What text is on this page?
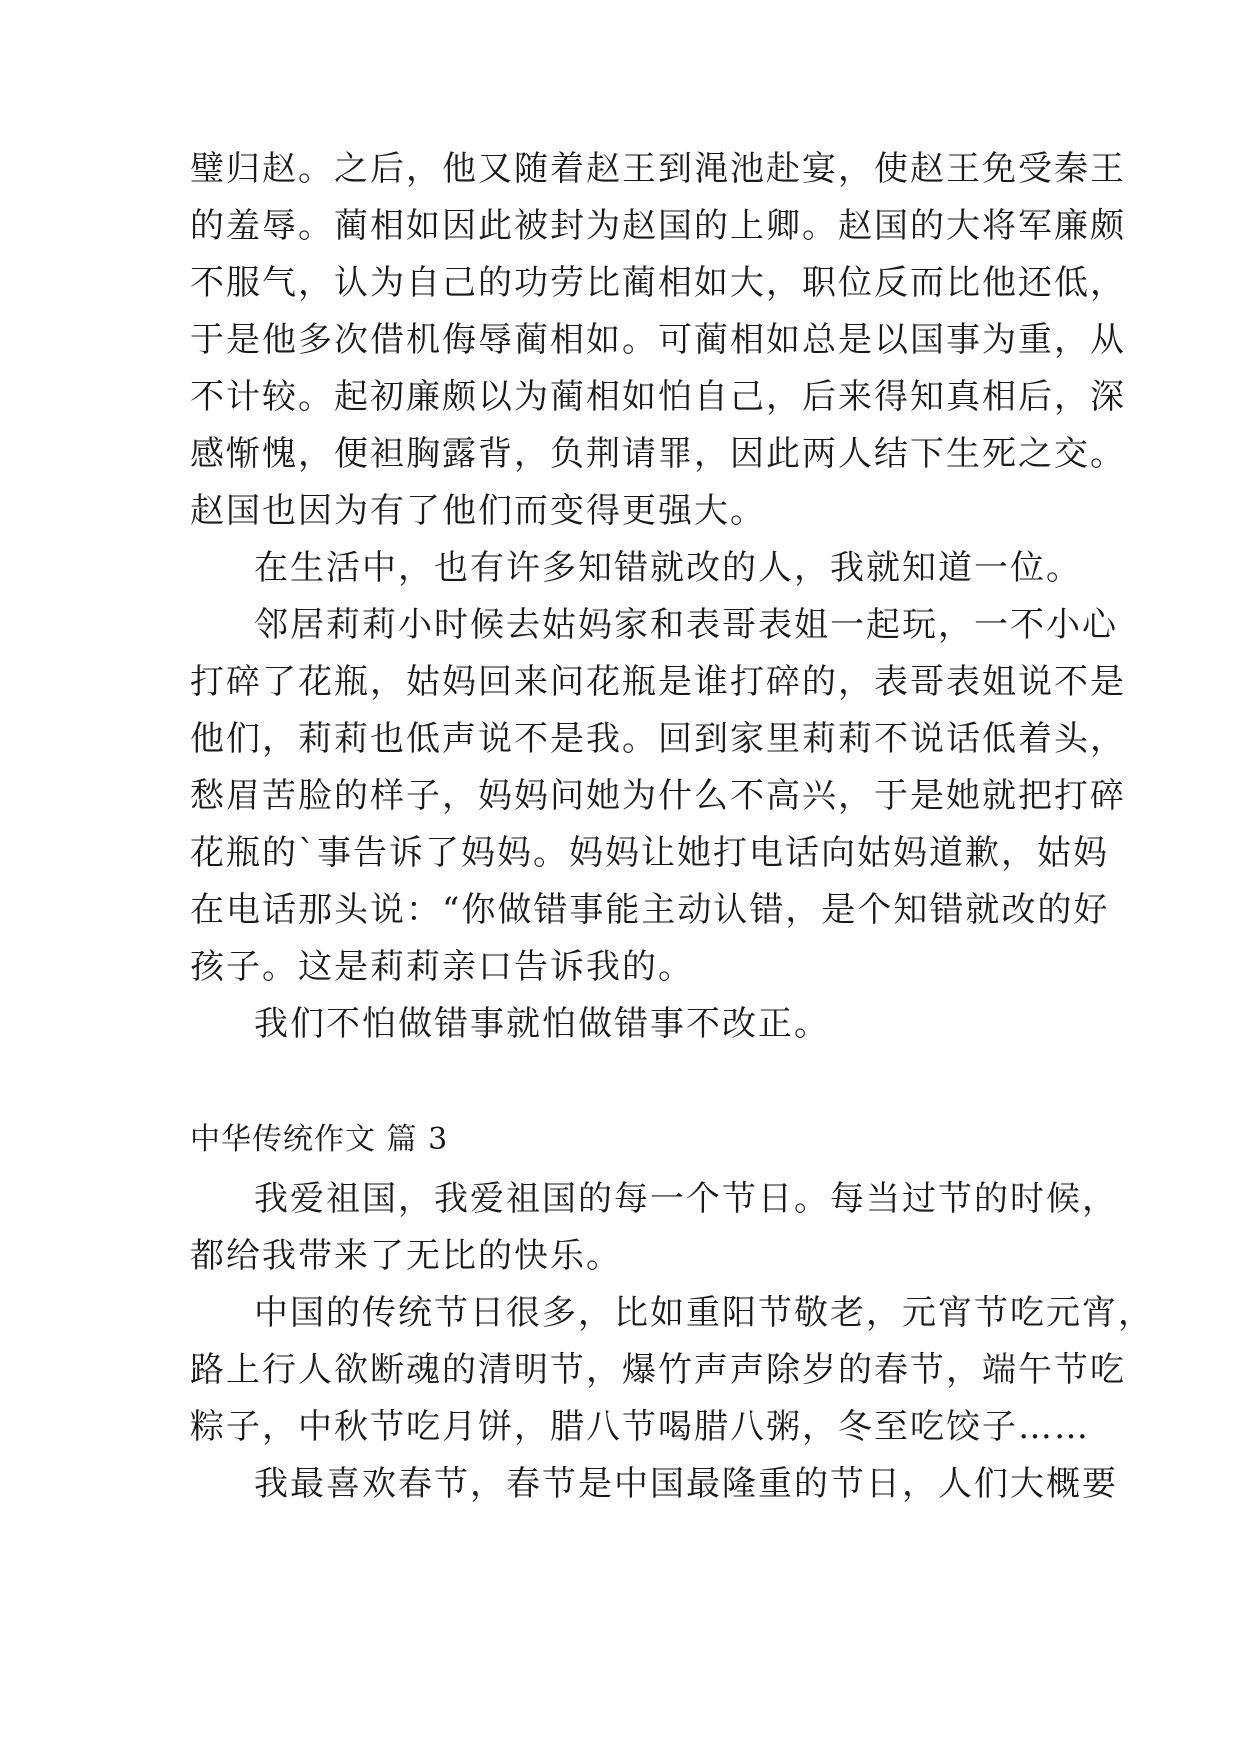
璧归赵。之后，他又随着赵王到渑池赴宴，使赵王免受秦王
的羞辱。蔺相如因此被封为赵国的上卿。赵国的大将军廉颇
不服气，认为自己的功劳比蔺相如大，职位反而比他还低，
于是他多次借机侮辱蔺相如。可蔺相如总是以国事为重，从
不计较。起初廉颇以为蔺相如怕自己，后来得知真相后，深
感惭愧，便袒胸露背，负荆请罪，因此两人结下生死之交。
赵国也因为有了他们而变得更强大。
在生活中，也有许多知错就改的人，我就知道一位。
邻居莉莉小时候去姑妈家和表哥表姐一起玩，一不小心
打碎了花瓶，姑妈回来问花瓶是谁打碎的，表哥表姐说不是
他们，莉莉也低声说不是我。回到家里莉莉不说话低着头，
愁眉苦脸的样子，妈妈问她为什么不高兴，于是她就把打碎
花瓶的`事告诉了妈妈。妈妈让她打电话向姑妈道歉，姑妈
在电话那头说：“你做错事能主动认错，是个知错就改的好
孩子。这是莉莉亲口告诉我的。
我们不怕做错事就怕做错事不改正。
中华传统作文 篇 3
我爱祖国，我爱祖国的每一个节日。每当过节的时候，
都给我带来了无比的快乐。
中国的传统节日很多，比如重阳节敬老，元宵节吃元宵，
路上行人欲断魂的清明节，爆竹声声除岁的春节，端午节吃
粽子，中秋节吃月饼，腊八节喝腊八粥，冬至吃饺子……
我最喜欢春节，春节是中国最隆重的节日，人们大概要
